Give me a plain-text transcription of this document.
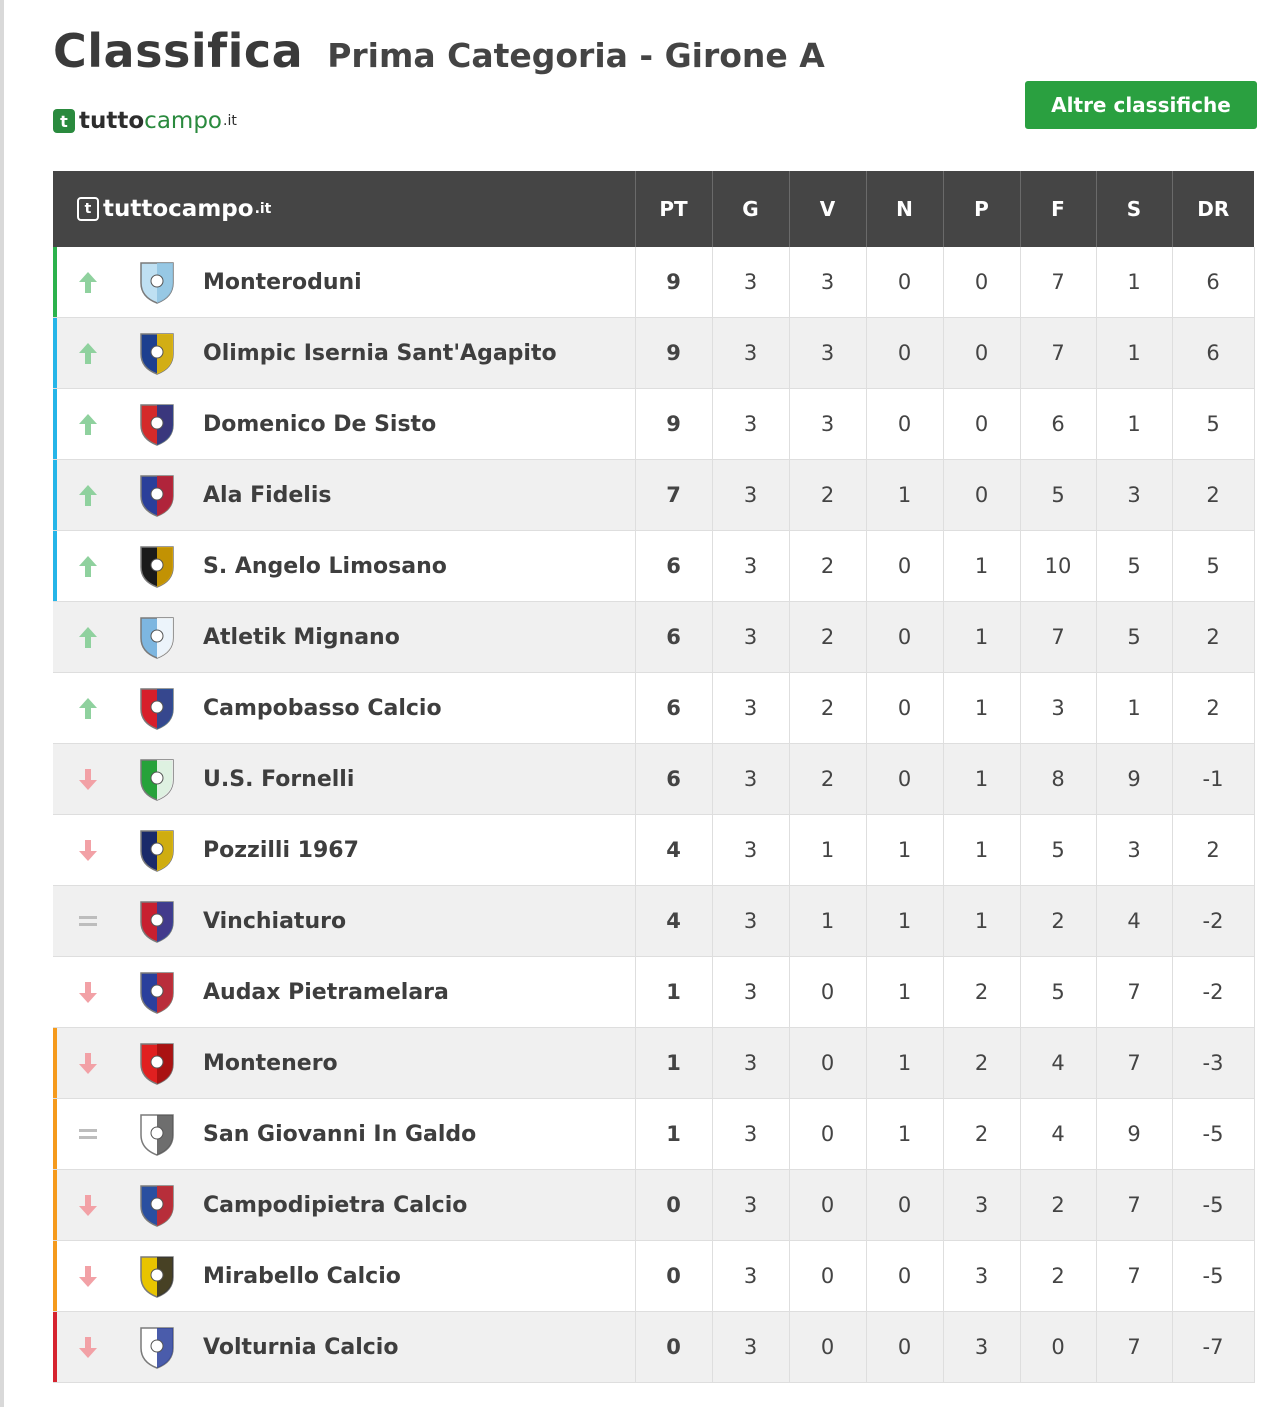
Classifica Prima Categoria - Girone A
t tutto campo .it
Altre classifiche
t tutto campo .it	PT	G	V	N	P	F	S	DR

Monteroduni	9	3	3	0	0	7	1	6

Olimpic Isernia Sant'Agapito	9	3	3	0	0	7	1	6

Domenico De Sisto	9	3	3	0	0	6	1	5

Ala Fidelis	7	3	2	1	0	5	3	2

S. Angelo Limosano	6	3	2	0	1	10	5	5

Atletik Mignano	6	3	2	0	1	7	5	2

Campobasso Calcio	6	3	2	0	1	3	1	2

U.S. Fornelli	6	3	2	0	1	8	9	-1

Pozzilli 1967	4	3	1	1	1	5	3	2

Vinchiaturo	4	3	1	1	1	2	4	-2

Audax Pietramelara	1	3	0	1	2	5	7	-2

Montenero	1	3	0	1	2	4	7	-3

San Giovanni In Galdo	1	3	0	1	2	4	9	-5

Campodipietra Calcio	0	3	0	0	3	2	7	-5

Mirabello Calcio	0	3	0	0	3	2	7	-5

Volturnia Calcio	0	3	0	0	3	0	7	-7
